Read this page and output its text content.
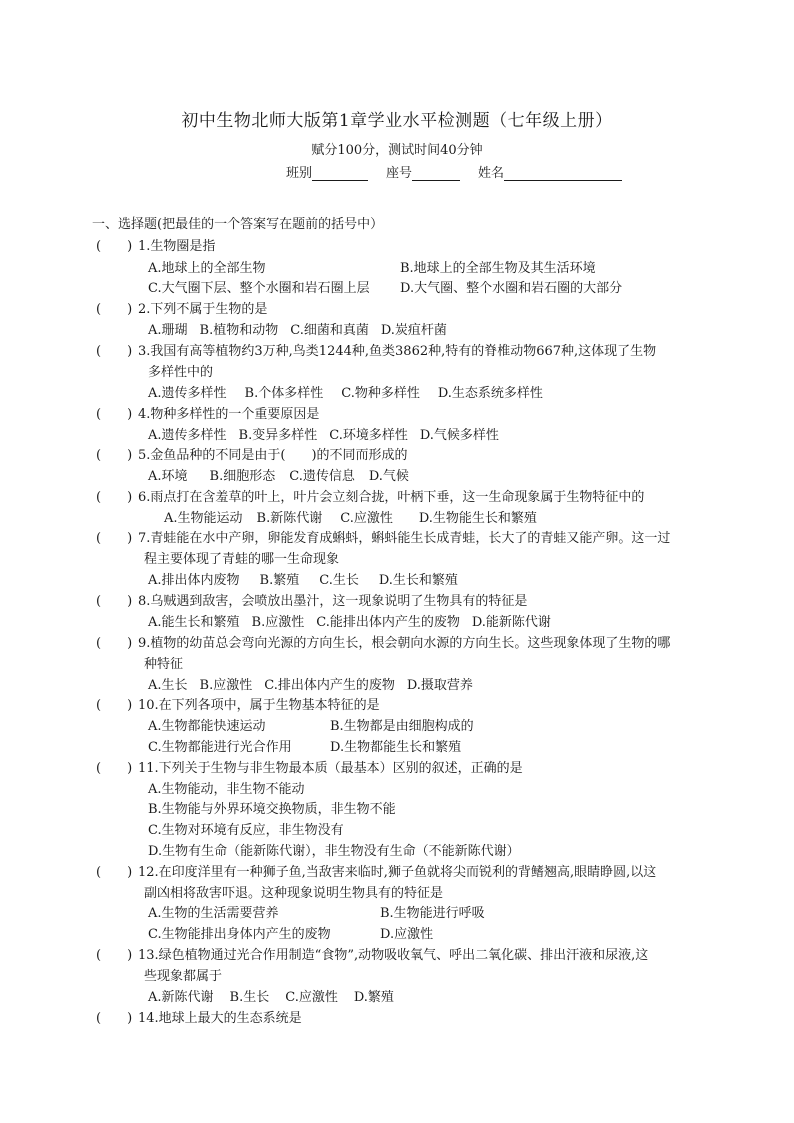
初中生物北师大版第1章学业水平检测题（七年级上册）
赋分100分，测试时间40分钟
班别	座号	姓名
一、选择题(把最佳的一个答案写在题前的括号中）
(　　) 1.生物圈是指
A.地球上的全部生物	B.地球上的全部生物及其生活环境
C.大气圈下层、整个水圈和岩石圈上层 D.大气圈、整个水圈和岩石圈的大部分
(　　) 2.下列不属于生物的是
A.珊瑚 B.植物和动物 C.细菌和真菌 D.炭疽杆菌
(　　) 3.我国有高等植物约3万种,鸟类1244种,鱼类3862种,特有的脊椎动物667种,这体现了生物
多样性中的
A.遗传多样性 B.个体多样性 C.物种多样性 D.生态系统多样性
(　　) 4.物种多样性的一个重要原因是
A.遗传多样性 B.变异多样性 C.环境多样性 D.气候多样性
(　　) 5.金鱼品种的不同是由于(　　)的不同而形成的
A.环境 B.细胞形态 C.遗传信息 D.气候
(　　) 6.雨点打在含羞草的叶上，叶片会立刻合拢，叶柄下垂，这一生命现象属于生物特征中的
A.生物能运动 B.新陈代谢 C.应激性 D.生物能生长和繁殖
(　　) 7.青蛙能在水中产卵，卵能发育成蝌蚪，蝌蚪能生长成青蛙，长大了的青蛙又能产卵。这一过
程主要体现了青蛙的哪一生命现象
A.排出体内废物 B.繁殖 C.生长 D.生长和繁殖
(　　) 8.乌贼遇到敌害，会喷放出墨汁，这一现象说明了生物具有的特征是
A.能生长和繁殖 B.应激性 C.能排出体内产生的废物 D.能新陈代谢
(　　) 9.植物的幼苗总会弯向光源的方向生长，根会朝向水源的方向生长。这些现象体现了生物的哪
种特征
A.生长 B.应激性 C.排出体内产生的废物 D.摄取营养
(　　) 10.在下列各项中，属于生物基本特征的是
A.生物都能快速运动	B.生物都是由细胞构成的
C.生物都能进行光合作用	D.生物都能生长和繁殖
(　　) 11.下列关于生物与非生物最本质（最基本）区别的叙述，正确的是
A.生物能动，非生物不能动
B.生物能与外界环境交换物质，非生物不能
C.生物对环境有反应，非生物没有
D.生物有生命（能新陈代谢），非生物没有生命（不能新陈代谢）
(　　) 12.在印度洋里有一种狮子鱼,当敌害来临时,狮子鱼就将尖而锐利的背鳍翘高,眼睛睁圆,以这
副凶相将敌害吓退。这种现象说明生物具有的特征是
A.生物的生活需要营养	B.生物能进行呼吸
C.生物能排出身体内产生的废物	D.应激性
(　　) 13.绿色植物通过光合作用制造“食物”,动物吸收氧气、呼出二氧化碳、排出汗液和尿液,这
些现象都属于
A.新陈代谢 B.生长 C.应激性 D.繁殖
(　　) 14.地球上最大的生态系统是
